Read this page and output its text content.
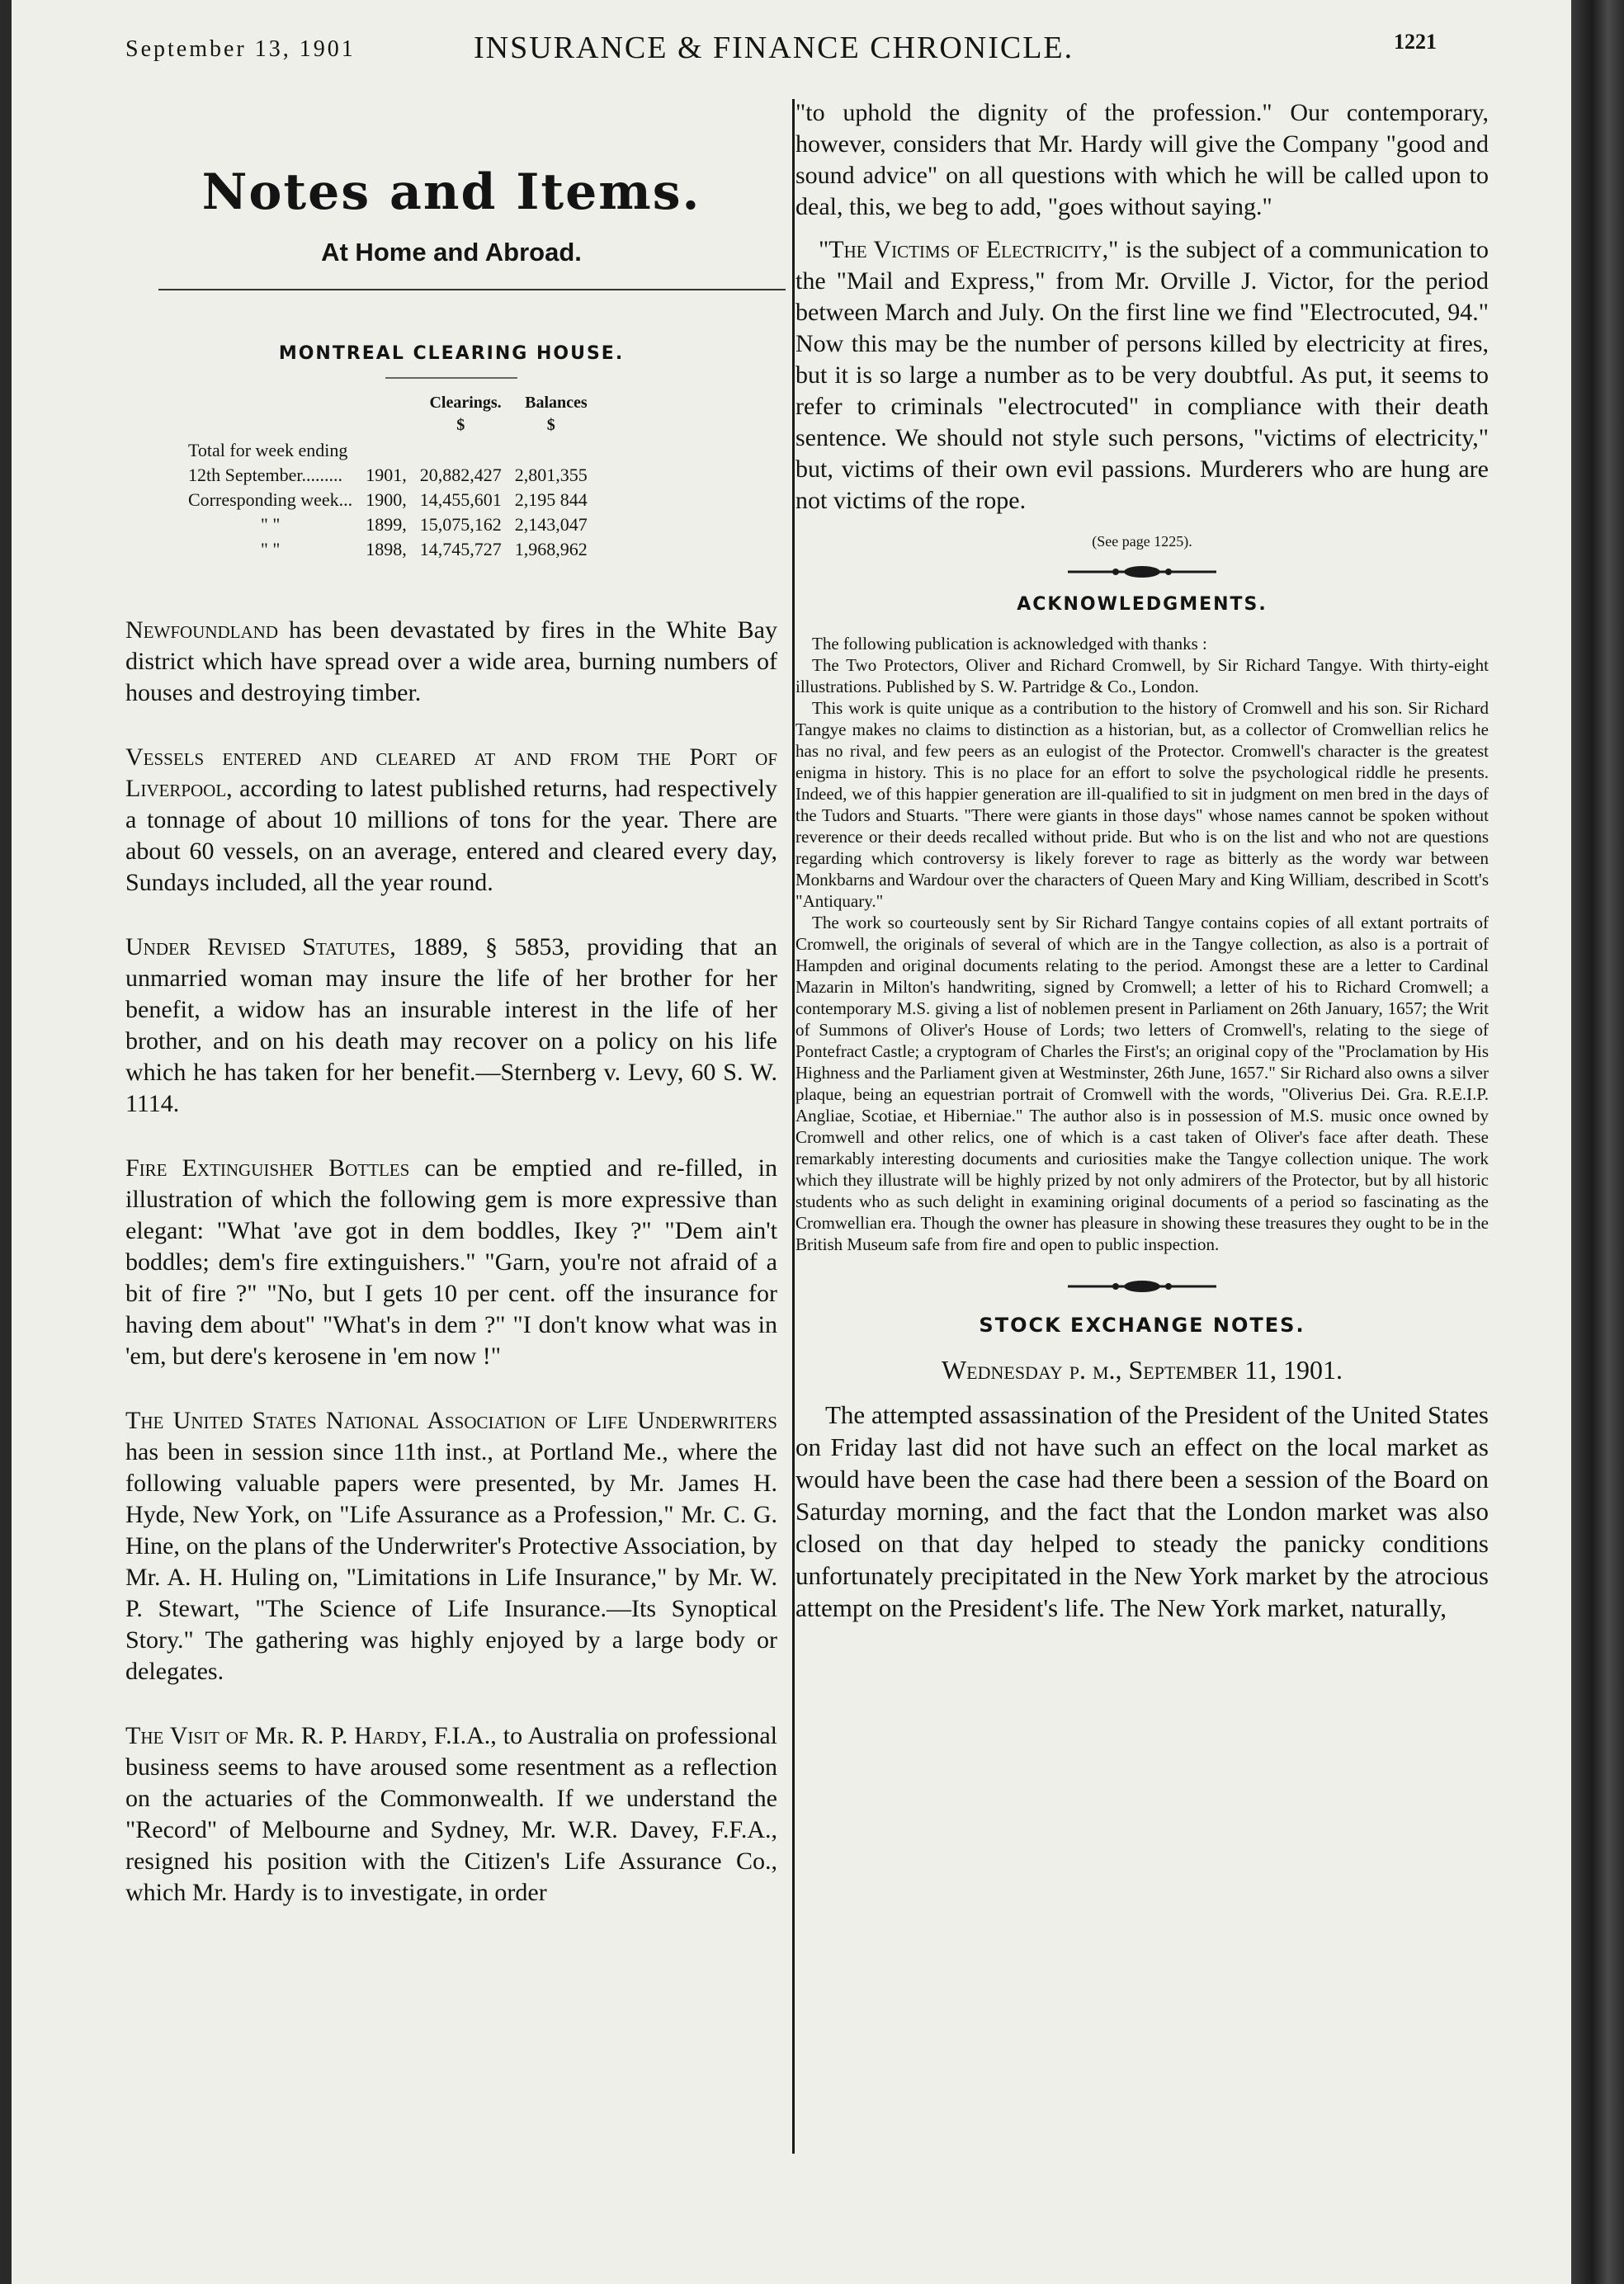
September 13, 1901	INSURANCE & FINANCE CHRONICLE.	1221
Notes and Items.
At Home and Abroad.
MONTREAL CLEARING HOUSE.
		Clearings.	Balances
		$	$
Total for week ending			
12th September.........	1901,	20,882,427	2,801,355
Corresponding week...	1900,	14,455,601	2,195 844
" "	1899,	15,075,162	2,143,047
" "	1898,	14,745,727	1,968,962

Newfoundland has been devastated by fires in the White Bay district which have spread over a wide area, burning numbers of houses and destroying timber.

Vessels entered and cleared at and from the Port of Liverpool, according to latest published returns, had respectively a tonnage of about 10 millions of tons for the year. There are about 60 vessels, on an average, entered and cleared every day, Sundays included, all the year round.

Under Revised Statutes, 1889, § 5853, providing that an unmarried woman may insure the life of her brother for her benefit, a widow has an insurable interest in the life of her brother, and on his death may recover on a policy on his life which he has taken for her benefit.—Sternberg v. Levy, 60 S. W. 1114.

Fire Extinguisher Bottles can be emptied and re-filled, in illustration of which the following gem is more expressive than elegant: "What 'ave got in dem boddles, Ikey ?" "Dem ain't boddles; dem's fire extinguishers." "Garn, you're not afraid of a bit of fire ?" "No, but I gets 10 per cent. off the insurance for having dem about" "What's in dem ?" "I don't know what was in 'em, but dere's kerosene in 'em now !"

The United States National Association of Life Underwriters has been in session since 11th inst., at Portland Me., where the following valuable papers were presented, by Mr. James H. Hyde, New York, on "Life Assurance as a Profession," Mr. C. G. Hine, on the plans of the Underwriter's Protective Association, by Mr. A. H. Huling on, "Limitations in Life Insurance," by Mr. W. P. Stewart, "The Science of Life Insurance.—Its Synoptical Story." The gathering was highly enjoyed by a large body or delegates.

The Visit of Mr. R. P. Hardy, F.I.A., to Australia on professional business seems to have aroused some resentment as a reflection on the actuaries of the Commonwealth. If we understand the "Record" of Melbourne and Sydney, Mr. W.R. Davey, F.F.A., resigned his position with the Citizen's Life Assurance Co., which Mr. Hardy is to investigate, in order

"to uphold the dignity of the profession." Our contemporary, however, considers that Mr. Hardy will give the Company "good and sound advice" on all questions with which he will be called upon to deal, this, we beg to add, "goes without saying."

"The Victims of Electricity," is the subject of a communication to the "Mail and Express," from Mr. Orville J. Victor, for the period between March and July. On the first line we find "Electrocuted, 94." Now this may be the number of persons killed by electricity at fires, but it is so large a number as to be very doubtful. As put, it seems to refer to criminals "electrocuted" in compliance with their death sentence. We should not style such persons, "victims of electricity," but, victims of their own evil passions. Murderers who are hung are not victims of the rope.

(See page 1225).
ACKNOWLEDGMENTS.

The following publication is acknowledged with thanks :

The Two Protectors, Oliver and Richard Cromwell, by Sir Richard Tangye. With thirty-eight illustrations. Published by S. W. Partridge & Co., London.

This work is quite unique as a contribution to the history of Cromwell and his son. Sir Richard Tangye makes no claims to distinction as a historian, but, as a collector of Cromwellian relics he has no rival, and few peers as an eulogist of the Protector. Cromwell's character is the greatest enigma in history. This is no place for an effort to solve the psychological riddle he presents. Indeed, we of this happier generation are ill-qualified to sit in judgment on men bred in the days of the Tudors and Stuarts. "There were giants in those days" whose names cannot be spoken without reverence or their deeds recalled without pride. But who is on the list and who not are questions regarding which controversy is likely forever to rage as bitterly as the wordy war between Monkbarns and Wardour over the characters of Queen Mary and King William, described in Scott's "Antiquary."

The work so courteously sent by Sir Richard Tangye contains copies of all extant portraits of Cromwell, the originals of several of which are in the Tangye collection, as also is a portrait of Hampden and original documents relating to the period. Amongst these are a letter to Cardinal Mazarin in Milton's handwriting, signed by Cromwell; a letter of his to Richard Cromwell; a contemporary M.S. giving a list of noblemen present in Parliament on 26th January, 1657; the Writ of Summons of Oliver's House of Lords; two letters of Cromwell's, relating to the siege of Pontefract Castle; a cryptogram of Charles the First's; an original copy of the "Proclamation by His Highness and the Parliament given at Westminster, 26th June, 1657." Sir Richard also owns a silver plaque, being an equestrian portrait of Cromwell with the words, "Oliverius Dei. Gra. R.E.I.P. Angliae, Scotiae, et Hiberniae." The author also is in possession of M.S. music once owned by Cromwell and other relics, one of which is a cast taken of Oliver's face after death. These remarkably interesting documents and curiosities make the Tangye collection unique. The work which they illustrate will be highly prized by not only admirers of the Protector, but by all historic students who as such delight in examining original documents of a period so fascinating as the Cromwellian era. Though the owner has pleasure in showing these treasures they ought to be in the British Museum safe from fire and open to public inspection.

STOCK EXCHANGE NOTES.
Wednesday p. m., September 11, 1901.

The attempted assassination of the President of the United States on Friday last did not have such an effect on the local market as would have been the case had there been a session of the Board on Saturday morning, and the fact that the London market was also closed on that day helped to steady the panicky conditions unfortunately precipitated in the New York market by the atrocious attempt on the President's life. The New York market, naturally,
